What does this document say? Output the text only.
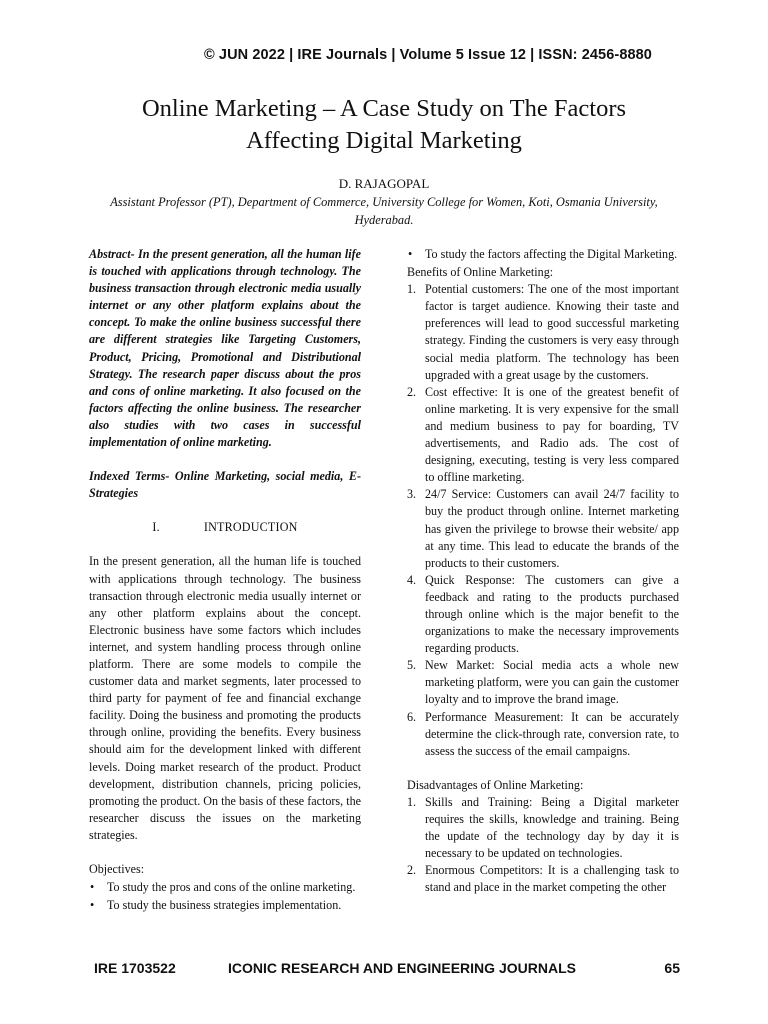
© JUN 2022 | IRE Journals | Volume 5 Issue 12 | ISSN: 2456-8880
Online Marketing – A Case Study on The Factors
Affecting Digital Marketing
D. RAJAGOPAL
Assistant Professor (PT), Department of Commerce, University College for Women, Koti, Osmania University, Hyderabad.
Abstract- In the present generation, all the human life is touched with applications through technology. The business transaction through electronic media usually internet or any other platform explains about the concept. To make the online business successful there are different strategies like Targeting Customers, Product, Pricing, Promotional and Distributional Strategy. The research paper discuss about the pros and cons of online marketing. It also focused on the factors affecting the online business. The researcher also studies with two cases in successful implementation of online marketing.
Indexed Terms- Online Marketing, social media, E-Strategies
I.	INTRODUCTION

In the present generation, all the human life is touched with applications through technology. The business transaction through electronic media usually internet or any other platform explains about the concept. Electronic business have some factors which includes internet, and system handling process through online platform. There are some models to compile the customer data and market segments, later processed to third party for payment of fee and financial exchange facility. Doing the business and promoting the products through online, providing the benefits. Every business should aim for the development linked with different levels. Doing market research of the product. Product development, distribution channels, pricing policies, promoting the product. On the basis of these factors, the researcher discuss the issues on the marketing strategies.

Objectives:
• To study the pros and cons of the online marketing.
• To study the business strategies implementation.
• To study the factors affecting the Digital Marketing.
Benefits of Online Marketing:
1. Potential customers: The one of the most important factor is target audience. Knowing their taste and preferences will lead to good successful marketing strategy. Finding the customers is very easy through social media platform. The technology has been upgraded with a great usage by the customers.
2. Cost effective: It is one of the greatest benefit of online marketing. It is very expensive for the small and medium business to pay for boarding, TV advertisements, and Radio ads. The cost of designing, executing, testing is very less compared to offline marketing.
3. 24/7 Service: Customers can avail 24/7 facility to buy the product through online. Internet marketing has given the privilege to browse their website/ app at any time. This lead to educate the brands of the products to their customers.
4. Quick Response: The customers can give a feedback and rating to the products purchased through online which is the major benefit to the organizations to make the necessary improvements regarding products.
5. New Market: Social media acts a whole new marketing platform, were you can gain the customer loyalty and to improve the brand image.
6. Performance Measurement: It can be accurately determine the click-through rate, conversion rate, to assess the success of the email campaigns.
Disadvantages of Online Marketing:
1. Skills and Training: Being a Digital marketer requires the skills, knowledge and training. Being the update of the technology day by day it is necessary to be updated on technologies.
2. Enormous Competitors: It is a challenging task to stand and place in the market competing the other
IRE 1703522	ICONIC RESEARCH AND ENGINEERING JOURNALS	65
